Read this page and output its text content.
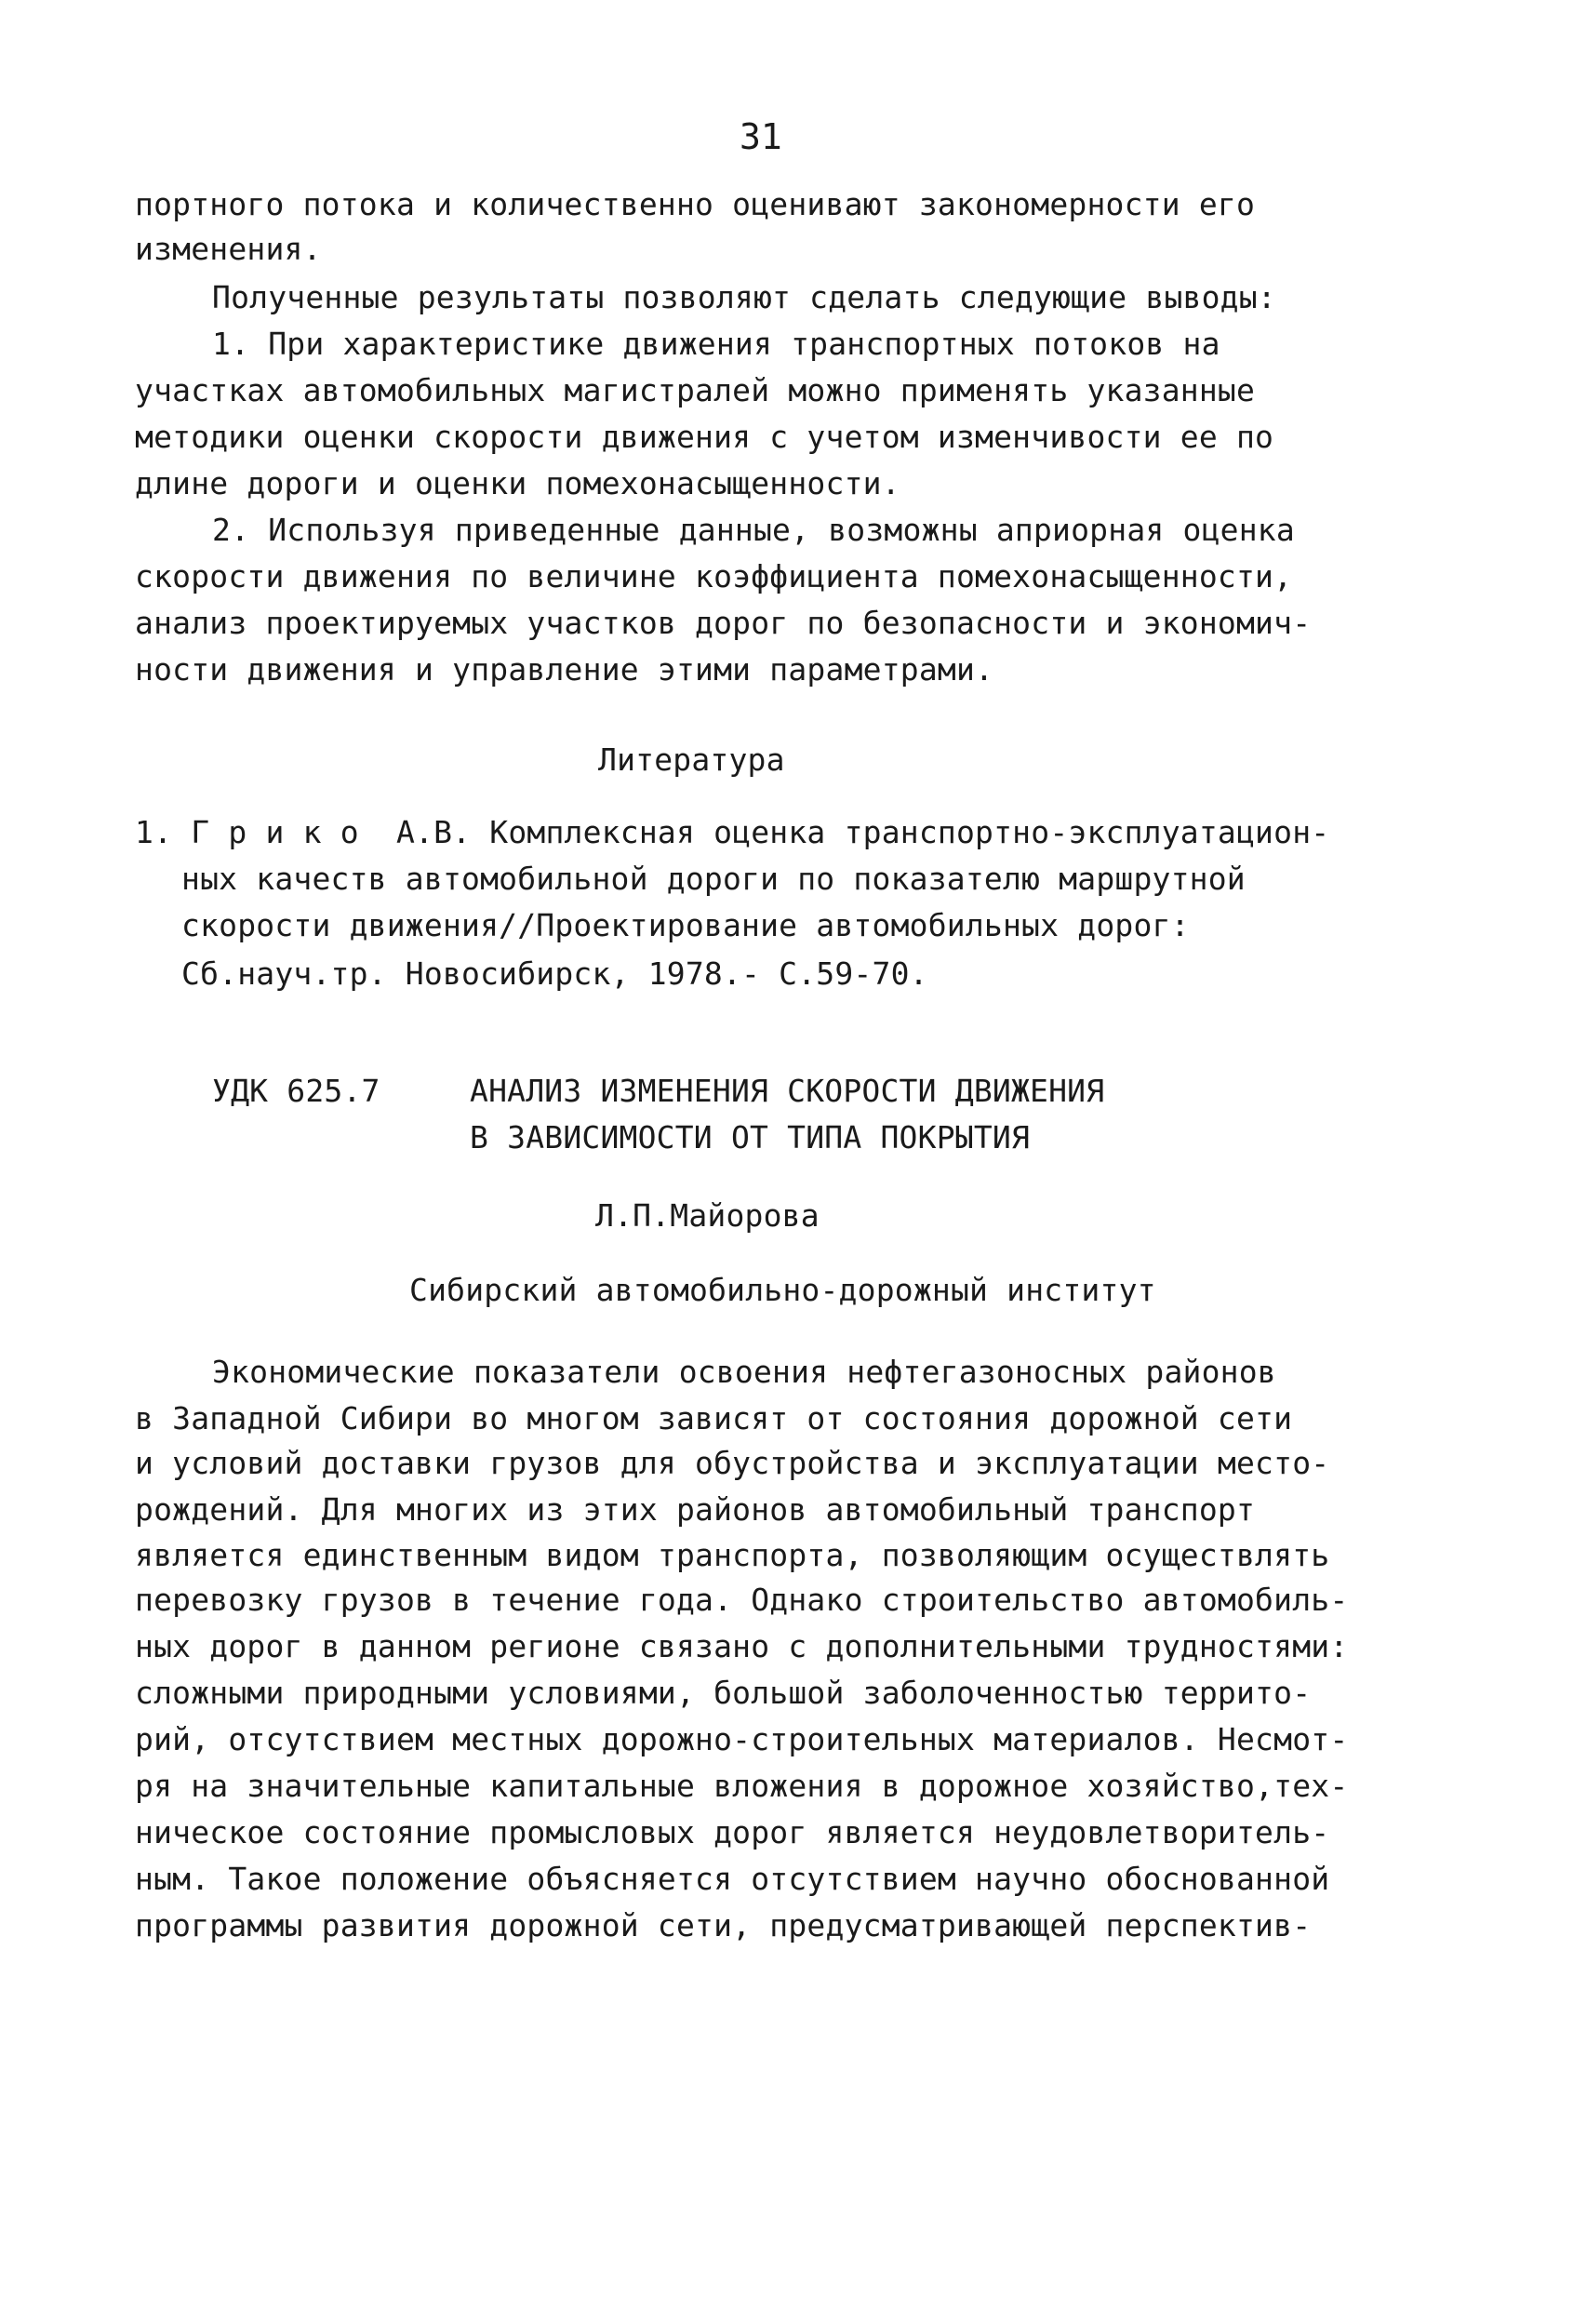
31
портного потока и количественно оценивают закономерности его
изменения.
Полученные результаты позволяют сделать следующие выводы:
1. При характеристике движения транспортных потоков на
участках автомобильных магистралей можно применять указанные
методики оценки скорости движения с учетом изменчивости ее по
длине дороги и оценки помехонасыщенности.
2. Используя приведенные данные, возможны априорная оценка
скорости движения по величине коэффициента помехонасыщенности,
анализ проектируемых участков дорог по безопасности и экономич-
ности движения и управление этими параметрами.
Литература
1. Г р и к о  А.В. Комплексная оценка транспортно-эксплуатацион-
ных качеств автомобильной дороги по показателю маршрутной
скорости движения//Проектирование автомобильных дорог:
Сб.науч.тр. Новосибирск, 1978.- С.59-70.
УДК 625.7	АНАЛИЗ ИЗМЕНЕНИЯ СКОРОСТИ ДВИЖЕНИЯ
В ЗАВИСИМОСТИ ОТ ТИПА ПОКРЫТИЯ
Л.П.Майорова
Сибирский автомобильно-дорожный институт
Экономические показатели освоения нефтегазоносных районов
в Западной Сибири во многом зависят от состояния дорожной сети
и условий доставки грузов для обустройства и эксплуатации место-
рождений. Для многих из этих районов автомобильный транспорт
является единственным видом транспорта, позволяющим осуществлять
перевозку грузов в течение года. Однако строительство автомобиль-
ных дорог в данном регионе связано с дополнительными трудностями:
сложными природными условиями, большой заболоченностью террито-
рий, отсутствием местных дорожно-строительных материалов. Несмот-
ря на значительные капитальные вложения в дорожное хозяйство,тех-
ническое состояние промысловых дорог является неудовлетворитель-
ным. Такое положение объясняется отсутствием научно обоснованной
программы развития дорожной сети, предусматривающей перспектив-
